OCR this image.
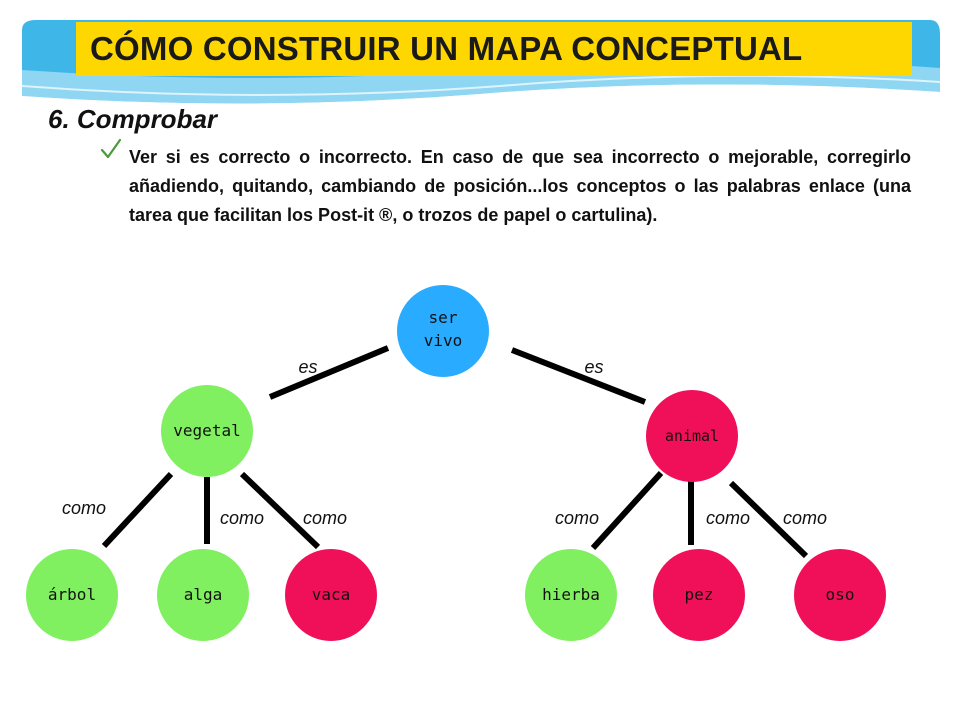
CÓMO CONSTRUIR UN MAPA CONCEPTUAL
6. Comprobar
Ver si es correcto o incorrecto. En caso de que sea incorrecto o mejorable, corregirlo añadiendo, quitando, cambiando de posición...los conceptos o las palabras enlace (una tarea que facilitan los Post-it ®, o trozos de papel o cartulina).
es	es
como	como como	como	como como
ser
vivo
vegetal	animal
árbol	alga	vaca	hierba	pez	oso
